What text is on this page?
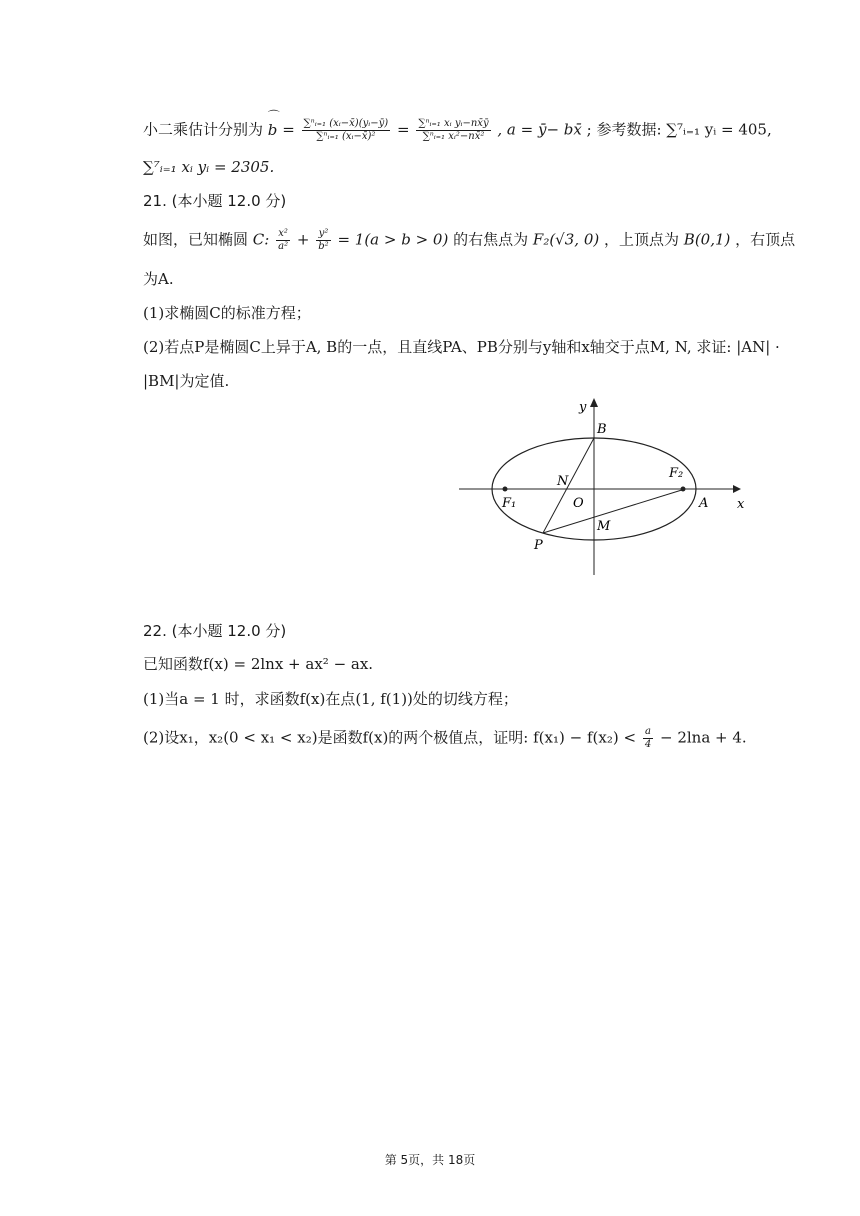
小二乘估计分别为 ⌒ $b = \frac{\text{∑ⁿᵢ₌₁ (xᵢ−x̄)(yᵢ−ȳ)}}{\text{∑ⁿᵢ₌₁ (xᵢ−x̄)²}} = \frac{\text{∑ⁿᵢ₌₁ xᵢ yᵢ−nx̄ȳ}}{\text{∑ⁿᵢ₌₁ xᵢ²−nx̄²}}$ , a = ȳ− bx̄ ; 参考数据: ∑⁷ᵢ₌₁ yᵢ = 405,
∑⁷ᵢ₌₁ xᵢ yᵢ = 2305.
21. (本小题 12.0 分)
如图，已知椭圆 C: $\frac{\text{x²}}{\text{a²}} + \frac{\text{y²}}{\text{b²}} = 1(a > b > 0)$ 的右焦点为 F₂(√3, 0) ，上顶点为 B(0,1) ，右顶点
为A.
(1)求椭圆C的标准方程；
(2)若点P是椭圆C上异于A, B的一点，且直线PA、PB分别与y轴和x轴交于点M, N, 求证: |AN| ·
|BM|为定值.
y
x
B
N
O
F₁
F₂
A
M
P
22. (本小题 12.0 分)
已知函数f(x) = 2lnx + ax² − ax.
(1)当a = 1 时，求函数f(x)在点(1, f(1))处的切线方程；
(2)设x₁，x₂(0 < x₁ < x₂)是函数f(x)的两个极值点，证明: $f(x_1) - f(x_2) < \frac{a}{4} - 2\ln a + 4$.
第 5页，共 18页
